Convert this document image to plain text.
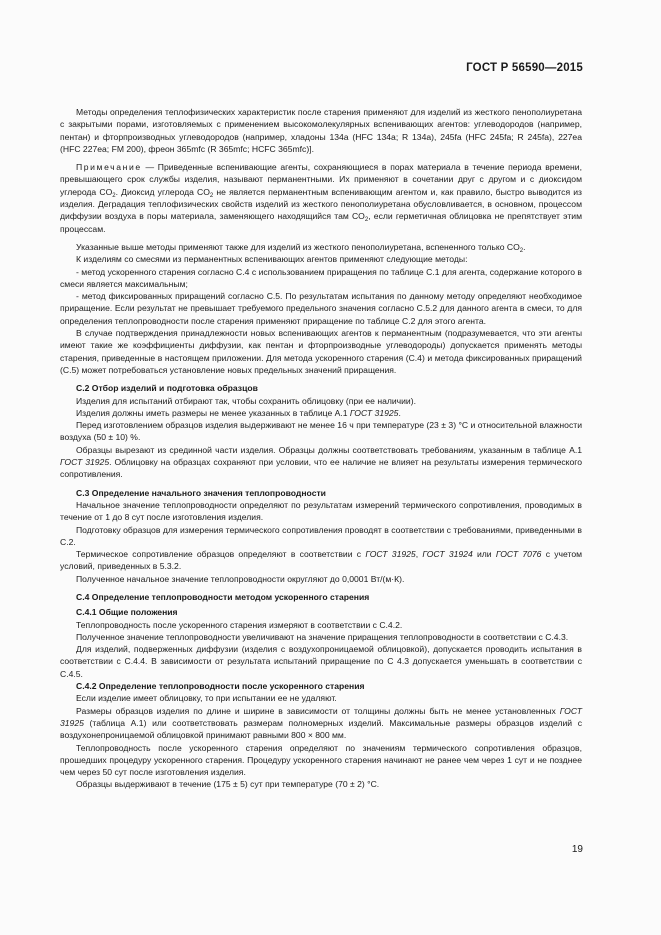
ГОСТ Р 56590—2015

Методы определения теплофизических характеристик после старения применяют для изделий из жесткого пенополиуретана с закрытыми порами, изготовляемых с применением высокомолекулярных вспенивающих агентов: углеводородов (например, пентан) и фторпроизводных углеводородов (например, хладоны 134a (HFC 134a; R 134a), 245fa (HFC 245fa; R 245fa), 227ea (HFC 227ea; FM 200), фреон 365mfc (R 365mfc; HCFC 365mfc)].

Примечание — Приведенные вспенивающие агенты, сохраняющиеся в порах материала в течение периода времени, превышающего срок службы изделия, называют перманентными. Их применяют в сочетании друг с другом и с диоксидом углерода $CO_2$. Диоксид углерода $CO_2$ не является перманентным вспенивающим агентом и, как правило, быстро выводится из изделия. Деградация теплофизических свойств изделий из жесткого пенополиуретана обусловливается, в основном, процессом диффузии воздуха в поры материала, заменяющего находящийся там $CO_2$, если герметичная облицовка не препятствует этим процессам.

Указанные выше методы применяют также для изделий из жесткого пенополиуретана, вспененного только $CO_2$.

К изделиям со смесями из перманентных вспенивающих агентов применяют следующие методы:

- метод ускоренного старения согласно С.4 с использованием приращения по таблице С.1 для агента, содержание которого в смеси является максимальным;

- метод фиксированных приращений согласно С.5. По результатам испытания по данному методу определяют необходимое приращение. Если результат не превышает требуемого предельного значения согласно С.5.2 для данного агента в смеси, то для определения теплопроводности после старения применяют приращение по таблице С.2 для этого агента.

В случае подтверждения принадлежности новых вспенивающих агентов к перманентным (подразумевается, что эти агенты имеют такие же коэффициенты диффузии, как пентан и фторпроизводные углеводороды) допускается применять методы старения, приведенные в настоящем приложении. Для метода ускоренного старения (С.4) и метода фиксированных приращений (С.5) может потребоваться установление новых предельных значений приращения.

С.2 Отбор изделий и подготовка образцов

Изделия для испытаний отбирают так, чтобы сохранить облицовку (при ее наличии).

Изделия должны иметь размеры не менее указанных в таблице А.1 ГОСТ 31925.

Перед изготовлением образцов изделия выдерживают не менее 16 ч при температуре (23 ± 3) °С и относительной влажности воздуха (50 ± 10) %.

Образцы вырезают из срединной части изделия. Образцы должны соответствовать требованиям, указанным в таблице А.1 ГОСТ 31925. Облицовку на образцах сохраняют при условии, что ее наличие не влияет на результаты измерения термического сопротивления.

С.3 Определение начального значения теплопроводности

Начальное значение теплопроводности определяют по результатам измерений термического сопротивления, проводимых в течение от 1 до 8 сут после изготовления изделия.

Подготовку образцов для измерения термического сопротивления проводят в соответствии с требованиями, приведенными в С.2.

Термическое сопротивление образцов определяют в соответствии с ГОСТ 31925, ГОСТ 31924 или ГОСТ 7076 с учетом условий, приведенных в 5.3.2.

Полученное начальное значение теплопроводности округляют до 0,0001 Вт/(м·К).

С.4 Определение теплопроводности методом ускоренного старения
С.4.1 Общие положения

Теплопроводность после ускоренного старения измеряют в соответствии с С.4.2.

Полученное значение теплопроводности увеличивают на значение приращения теплопроводности в соответствии с С.4.3.

Для изделий, подверженных диффузии (изделия с воздухопроницаемой облицовкой), допускается проводить испытания в соответствии с С.4.4. В зависимости от результата испытаний приращение по С 4.3 допускается уменьшать в соответствии с С.4.5.

С.4.2 Определение теплопроводности после ускоренного старения

Если изделие имеет облицовку, то при испытании ее не удаляют.

Размеры образцов изделия по длине и ширине в зависимости от толщины должны быть не менее установленных ГОСТ 31925 (таблица А.1) или соответствовать размерам полномерных изделий. Максимальные размеры образцов изделий с воздухонепроницаемой облицовкой принимают равными 800 × 800 мм.

Теплопроводность после ускоренного старения определяют по значениям термического сопротивления образцов, прошедших процедуру ускоренного старения. Процедуру ускоренного старения начинают не ранее чем через 1 сут и не позднее чем через 50 сут после изготовления изделия.

Образцы выдерживают в течение (175 ± 5) сут при температуре (70 ± 2) °С.

19
